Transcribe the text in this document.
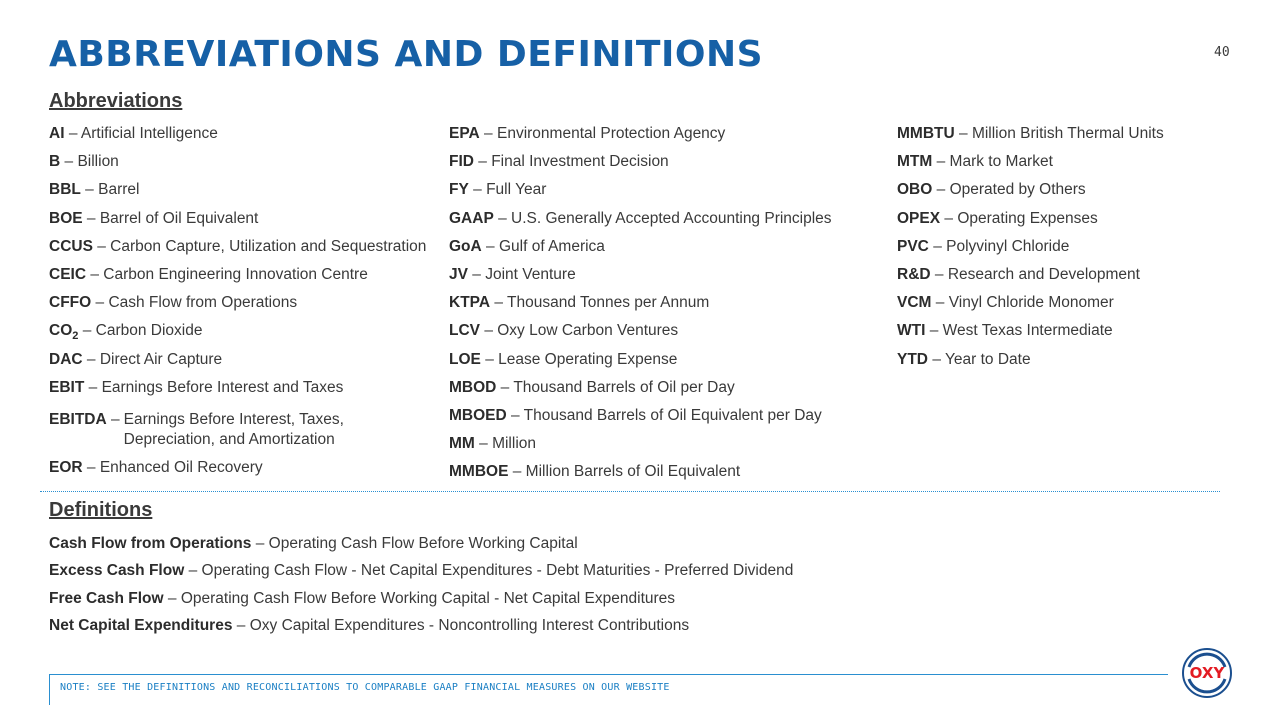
ABBREVIATIONS AND DEFINITIONS	40
Abbreviations
AI – Artificial Intelligence
B – Billion
BBL – Barrel
BOE – Barrel of Oil Equivalent
CCUS – Carbon Capture, Utilization and Sequestration
CEIC – Carbon Engineering Innovation Centre
CFFO – Cash Flow from Operations
$CO_2$ – Carbon Dioxide
DAC – Direct Air Capture
EBIT – Earnings Before Interest and Taxes
EBITDA
– Earnings Before Interest, Taxes, Depreciation, and Amortization
EOR – Enhanced Oil Recovery
EPA – Environmental Protection Agency
FID – Final Investment Decision
FY – Full Year
GAAP – U.S. Generally Accepted Accounting Principles
GoA – Gulf of America
JV – Joint Venture
KTPA – Thousand Tonnes per Annum
LCV – Oxy Low Carbon Ventures
LOE – Lease Operating Expense
MBOD – Thousand Barrels of Oil per Day
MBOED – Thousand Barrels of Oil Equivalent per Day
MM – Million
MMBOE – Million Barrels of Oil Equivalent
MMBTU – Million British Thermal Units
MTM – Mark to Market
OBO – Operated by Others
OPEX – Operating Expenses
PVC – Polyvinyl Chloride
R&D – Research and Development
VCM – Vinyl Chloride Monomer
WTI – West Texas Intermediate
YTD – Year to Date
Definitions
Cash Flow from Operations – Operating Cash Flow Before Working Capital
Excess Cash Flow – Operating Cash Flow - Net Capital Expenditures - Debt Maturities - Preferred Dividend
Free Cash Flow – Operating Cash Flow Before Working Capital - Net Capital Expenditures
Net Capital Expenditures – Oxy Capital Expenditures - Noncontrolling Interest Contributions
NOTE: SEE THE DEFINITIONS AND RECONCILIATIONS TO COMPARABLE GAAP FINANCIAL MEASURES ON OUR WEBSITE
OXY
